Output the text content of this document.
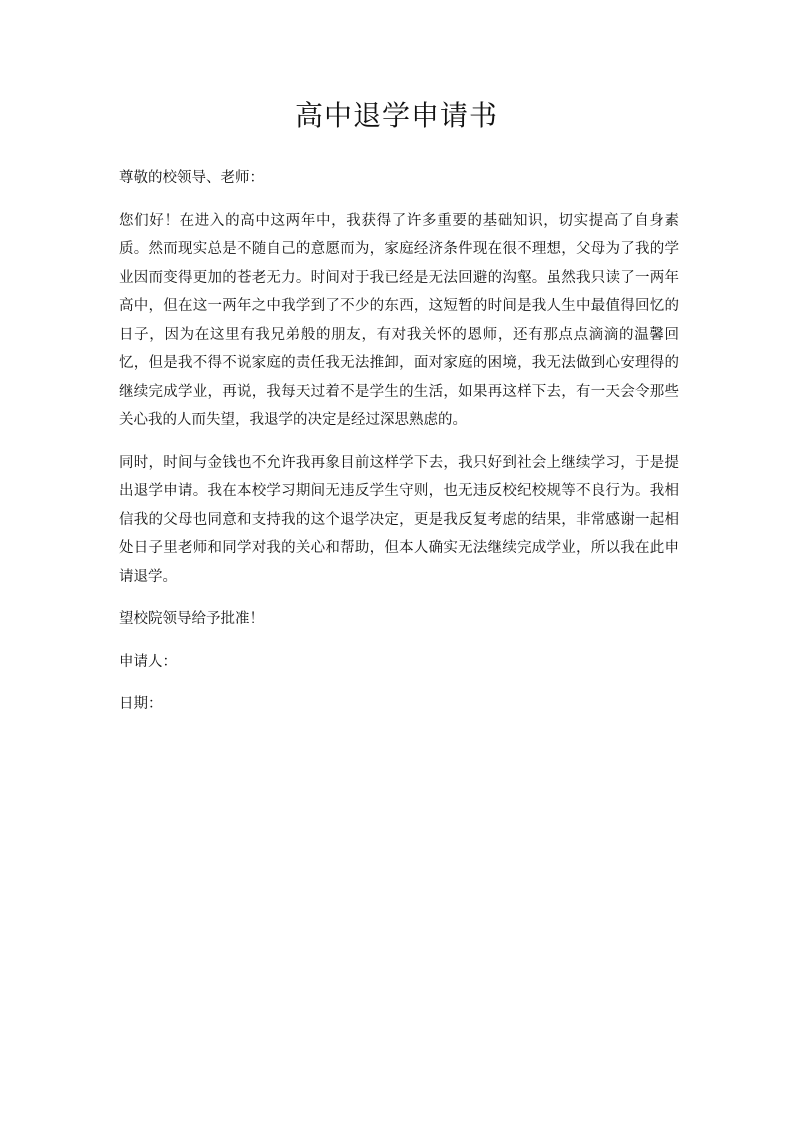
高中退学申请书

尊敬的校领导、老师：

您们好！在进入的高中这两年中，我获得了许多重要的基础知识，切实提高了自身素质。然而现实总是不随自己的意愿而为，家庭经济条件现在很不理想，父母为了我的学业因而变得更加的苍老无力。时间对于我已经是无法回避的沟壑。虽然我只读了一两年高中，但在这一两年之中我学到了不少的东西，这短暂的时间是我人生中最值得回忆的日子，因为在这里有我兄弟般的朋友，有对我关怀的恩师，还有那点点滴滴的温馨回忆，但是我不得不说家庭的责任我无法推卸，面对家庭的困境，我无法做到心安理得的继续完成学业，再说，我每天过着不是学生的生活，如果再这样下去，有一天会令那些关心我的人而失望，我退学的决定是经过深思熟虑的。

同时，时间与金钱也不允许我再象目前这样学下去，我只好到社会上继续学习，于是提出退学申请。我在本校学习期间无违反学生守则，也无违反校纪校规等不良行为。我相信我的父母也同意和支持我的这个退学决定，更是我反复考虑的结果，非常感谢一起相处日子里老师和同学对我的关心和帮助，但本人确实无法继续完成学业，所以我在此申请退学。

望校院领导给予批准！

申请人：

日期：
